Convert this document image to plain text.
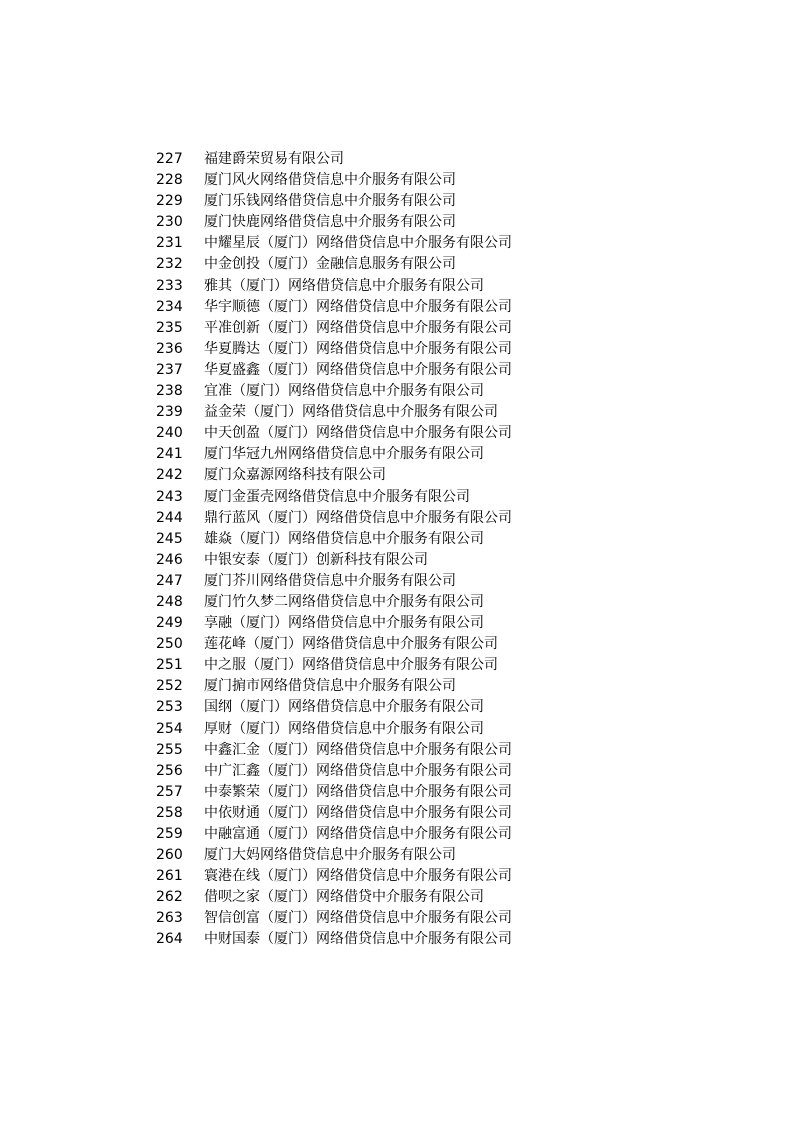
227	福建爵荣贸易有限公司
228	厦门风火网络借贷信息中介服务有限公司
229	厦门乐钱网络借贷信息中介服务有限公司
230	厦门快鹿网络借贷信息中介服务有限公司
231	中耀星辰（厦门）网络借贷信息中介服务有限公司
232	中金创投（厦门）金融信息服务有限公司
233	雅其（厦门）网络借贷信息中介服务有限公司
234	华宇顺德（厦门）网络借贷信息中介服务有限公司
235	平准创新（厦门）网络借贷信息中介服务有限公司
236	华夏腾达（厦门）网络借贷信息中介服务有限公司
237	华夏盛鑫（厦门）网络借贷信息中介服务有限公司
238	宜准（厦门）网络借贷信息中介服务有限公司
239	益金荣（厦门）网络借贷信息中介服务有限公司
240	中天创盈（厦门）网络借贷信息中介服务有限公司
241	厦门华冠九州网络借贷信息中介服务有限公司
242	厦门众嘉源网络科技有限公司
243	厦门金蛋壳网络借贷信息中介服务有限公司
244	鼎行蓝风（厦门）网络借贷信息中介服务有限公司
245	雄焱（厦门）网络借贷信息中介服务有限公司
246	中银安泰（厦门）创新科技有限公司
247	厦门芥川网络借贷信息中介服务有限公司
248	厦门竹久梦二网络借贷信息中介服务有限公司
249	享融（厦门）网络借贷信息中介服务有限公司
250	莲花峰（厦门）网络借贷信息中介服务有限公司
251	中之服（厦门）网络借贷信息中介服务有限公司
252	厦门掮市网络借贷信息中介服务有限公司
253	国纲（厦门）网络借贷信息中介服务有限公司
254	厚财（厦门）网络借贷信息中介服务有限公司
255	中鑫汇金（厦门）网络借贷信息中介服务有限公司
256	中广汇鑫（厦门）网络借贷信息中介服务有限公司
257	中泰繁荣（厦门）网络借贷信息中介服务有限公司
258	中依财通（厦门）网络借贷信息中介服务有限公司
259	中融富通（厦门）网络借贷信息中介服务有限公司
260	厦门大妈网络借贷信息中介服务有限公司
261	寰港在线（厦门）网络借贷信息中介服务有限公司
262	借呗之家（厦门）网络借贷中介服务有限公司
263	智信创富（厦门）网络借贷信息中介服务有限公司
264	中财国泰（厦门）网络借贷信息中介服务有限公司
